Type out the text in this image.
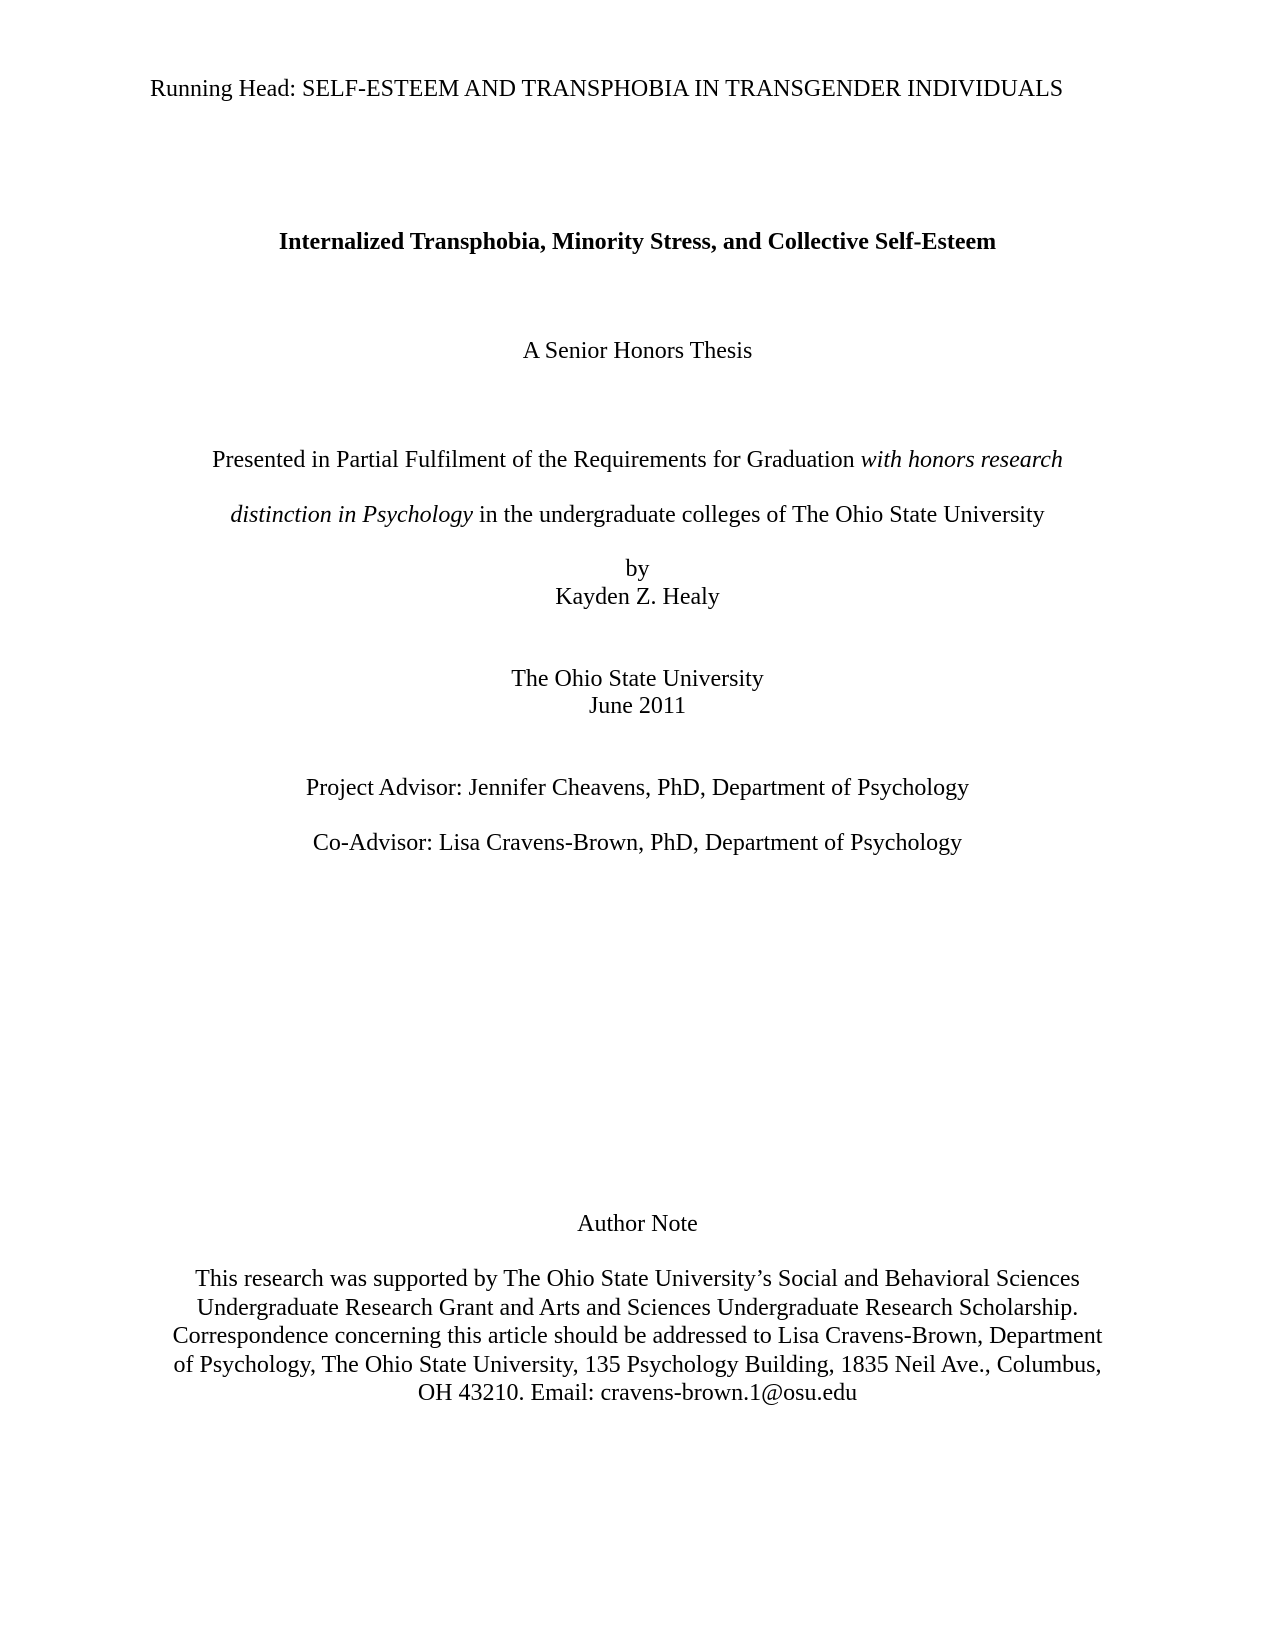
Running Head: SELF-ESTEEM AND TRANSPHOBIA IN TRANSGENDER INDIVIDUALS
Internalized Transphobia, Minority Stress, and Collective Self-Esteem
A Senior Honors Thesis
Presented in Partial Fulfilment of the Requirements for Graduation with honors research
distinction in Psychology in the undergraduate colleges of The Ohio State University
by
Kayden Z. Healy
The Ohio State University
June 2011
Project Advisor: Jennifer Cheavens, PhD, Department of Psychology
Co-Advisor: Lisa Cravens-Brown, PhD, Department of Psychology
Author Note
This research was supported by The Ohio State University’s Social and Behavioral Sciences
Undergraduate Research Grant and Arts and Sciences Undergraduate Research Scholarship.
Correspondence concerning this article should be addressed to Lisa Cravens-Brown, Department
of Psychology, The Ohio State University, 135 Psychology Building, 1835 Neil Ave., Columbus,
OH 43210. Email: cravens-brown.1@osu.edu
